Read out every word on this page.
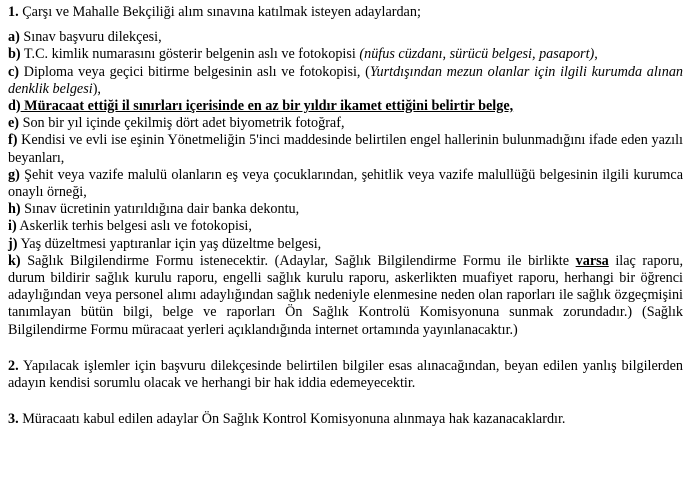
1. Çarşı ve Mahalle Bekçiliği alım sınavına katılmak isteyen adaylardan;

a) Sınav başvuru dilekçesi,

b) T.C. kimlik numarasını gösterir belgenin aslı ve fotokopisi (nüfus cüzdanı, sürücü belgesi, pasaport),

c) Diploma veya geçici bitirme belgesinin aslı ve fotokopisi, (Yurtdışından mezun olanlar için ilgili kurumda alınan denklik belgesi),

d) Müracaat ettiği il sınırları içerisinde en az bir yıldır ikamet ettiğini belirtir belge,

e) Son bir yıl içinde çekilmiş dört adet biyometrik fotoğraf,

f) Kendisi ve evli ise eşinin Yönetmeliğin 5'inci maddesinde belirtilen engel hallerinin bulunmadığını ifade eden yazılı beyanları,

g) Şehit veya vazife malulü olanların eş veya çocuklarından, şehitlik veya vazife malullüğü belgesinin ilgili kurumca onaylı örneği,

h) Sınav ücretinin yatırıldığına dair banka dekontu,

i) Askerlik terhis belgesi aslı ve fotokopisi,

j) Yaş düzeltmesi yaptıranlar için yaş düzeltme belgesi,

k) Sağlık Bilgilendirme Formu istenecektir. (Adaylar, Sağlık Bilgilendirme Formu ile birlikte varsa ilaç raporu, durum bildirir sağlık kurulu raporu, engelli sağlık kurulu raporu, askerlikten muafiyet raporu, herhangi bir öğrenci adaylığından veya personel alımı adaylığından sağlık nedeniyle elenmesine neden olan raporları ile sağlık özgeçmişini tanımlayan bütün bilgi, belge ve raporları Ön Sağlık Kontrolü Komisyonuna sunmak zorundadır.) (Sağlık Bilgilendirme Formu müracaat yerleri açıklandığında internet ortamında yayınlanacaktır.)

2. Yapılacak işlemler için başvuru dilekçesinde belirtilen bilgiler esas alınacağından, beyan edilen yanlış bilgilerden adayın kendisi sorumlu olacak ve herhangi bir hak iddia edemeyecektir.

3. Müracaatı kabul edilen adaylar Ön Sağlık Kontrol Komisyonuna alınmaya hak kazanacaklardır.
